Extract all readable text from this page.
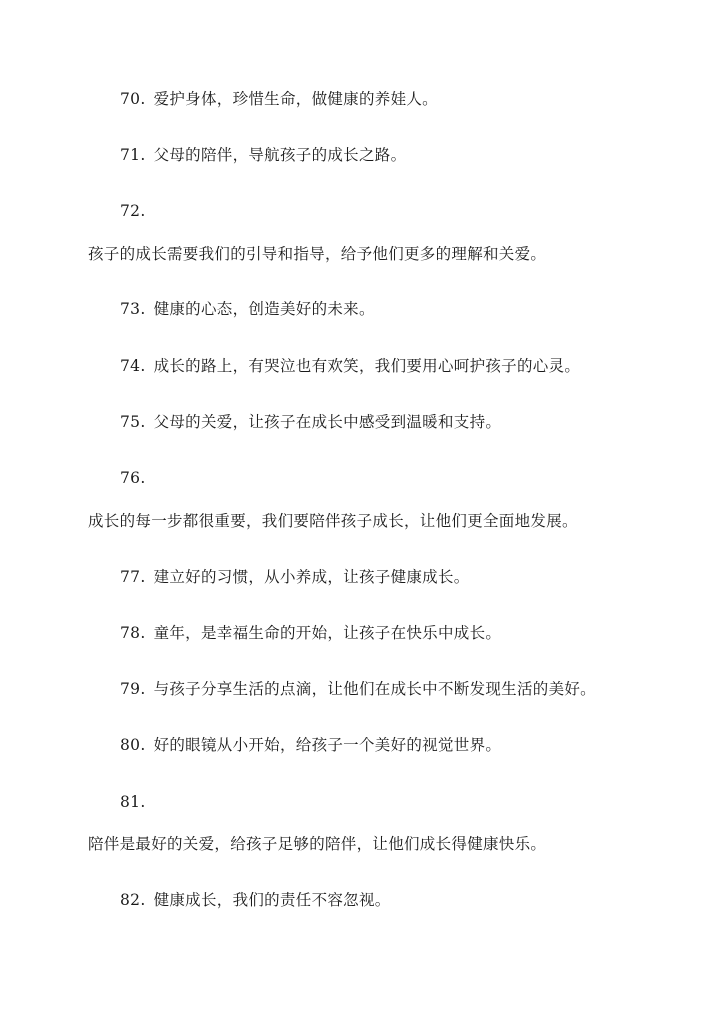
70. 爱护身体，珍惜生命，做健康的养娃人。
71. 父母的陪伴，导航孩子的成长之路。
72.
孩子的成长需要我们的引导和指导，给予他们更多的理解和关爱。
73. 健康的心态，创造美好的未来。
74. 成长的路上，有哭泣也有欢笑，我们要用心呵护孩子的心灵。
75. 父母的关爱，让孩子在成长中感受到温暖和支持。
76.
成长的每一步都很重要，我们要陪伴孩子成长，让他们更全面地发展。
77. 建立好的习惯，从小养成，让孩子健康成长。
78. 童年，是幸福生命的开始，让孩子在快乐中成长。
79. 与孩子分享生活的点滴，让他们在成长中不断发现生活的美好。
80. 好的眼镜从小开始，给孩子一个美好的视觉世界。
81.
陪伴是最好的关爱，给孩子足够的陪伴，让他们成长得健康快乐。
82. 健康成长，我们的责任不容忽视。
